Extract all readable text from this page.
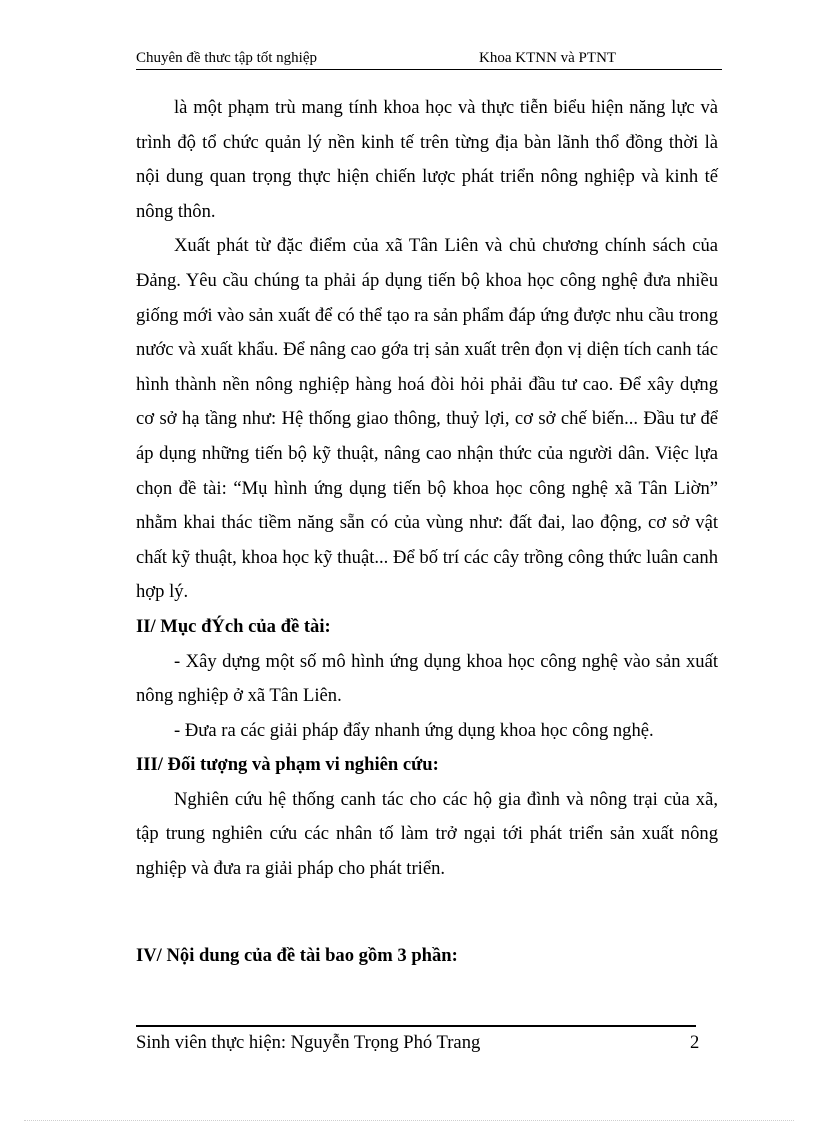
Chuyên đề thưc tập tốt nghiệp	Khoa KTNN và PTNT

là một phạm trù mang tính khoa học và thực tiễn biểu hiện năng lực và trình độ tổ chức quản lý nền kinh tế trên từng địa bàn lãnh thổ đồng thời là nội dung quan trọng thực hiện chiến lược phát triển nông nghiệp và kinh tế nông thôn.

Xuất phát từ đặc điểm của xã Tân Liên và chủ chương chính sách của Đảng. Yêu cầu chúng ta phải áp dụng tiến bộ khoa học công nghệ đưa nhiều giống mới vào sản xuất để có thể tạo ra sản phẩm đáp ứng được nhu cầu trong nước và xuất khẩu. Để nâng cao gớa trị sản xuất trên đọn vị diện tích canh tác hình thành nền nông nghiệp hàng hoá đòi hỏi phải đầu tư cao. Để xây dựng cơ sở hạ tầng như: Hệ thống giao thông, thuỷ lợi, cơ sở chế biến... Đầu tư để áp dụng những tiến bộ kỹ thuật, nâng cao nhận thức của người dân. Việc lựa chọn đề tài: “Mụ hình ứng dụng tiến bộ khoa học công nghệ xã Tân Liờn” nhằm khai thác tiềm năng sẵn có của vùng như: đất đai, lao động, cơ sở vật chất kỹ thuật, khoa học kỹ thuật... Để bố trí các cây trồng công thức luân canh hợp lý.

II/ Mục đÝch của đề tài:

- Xây dựng một số mô hình ứng dụng khoa học công nghệ vào sản xuất nông nghiệp ở xã Tân Liên.

- Đưa ra các giải pháp đẩy nhanh ứng dụng khoa học công nghệ.

III/ Đối tượng và phạm vi nghiên cứu:

Nghiên cứu hệ thống canh tác cho các hộ gia đình và nông trại của xã, tập trung nghiên cứu các nhân tố làm trở ngại tới phát triển sản xuất nông nghiệp và đưa ra giải pháp cho phát triển.

IV/ Nội dung của đề tài bao gồm 3 phần:

Sinh viên thực hiện: Nguyễn Trọng Phó Trang	2
